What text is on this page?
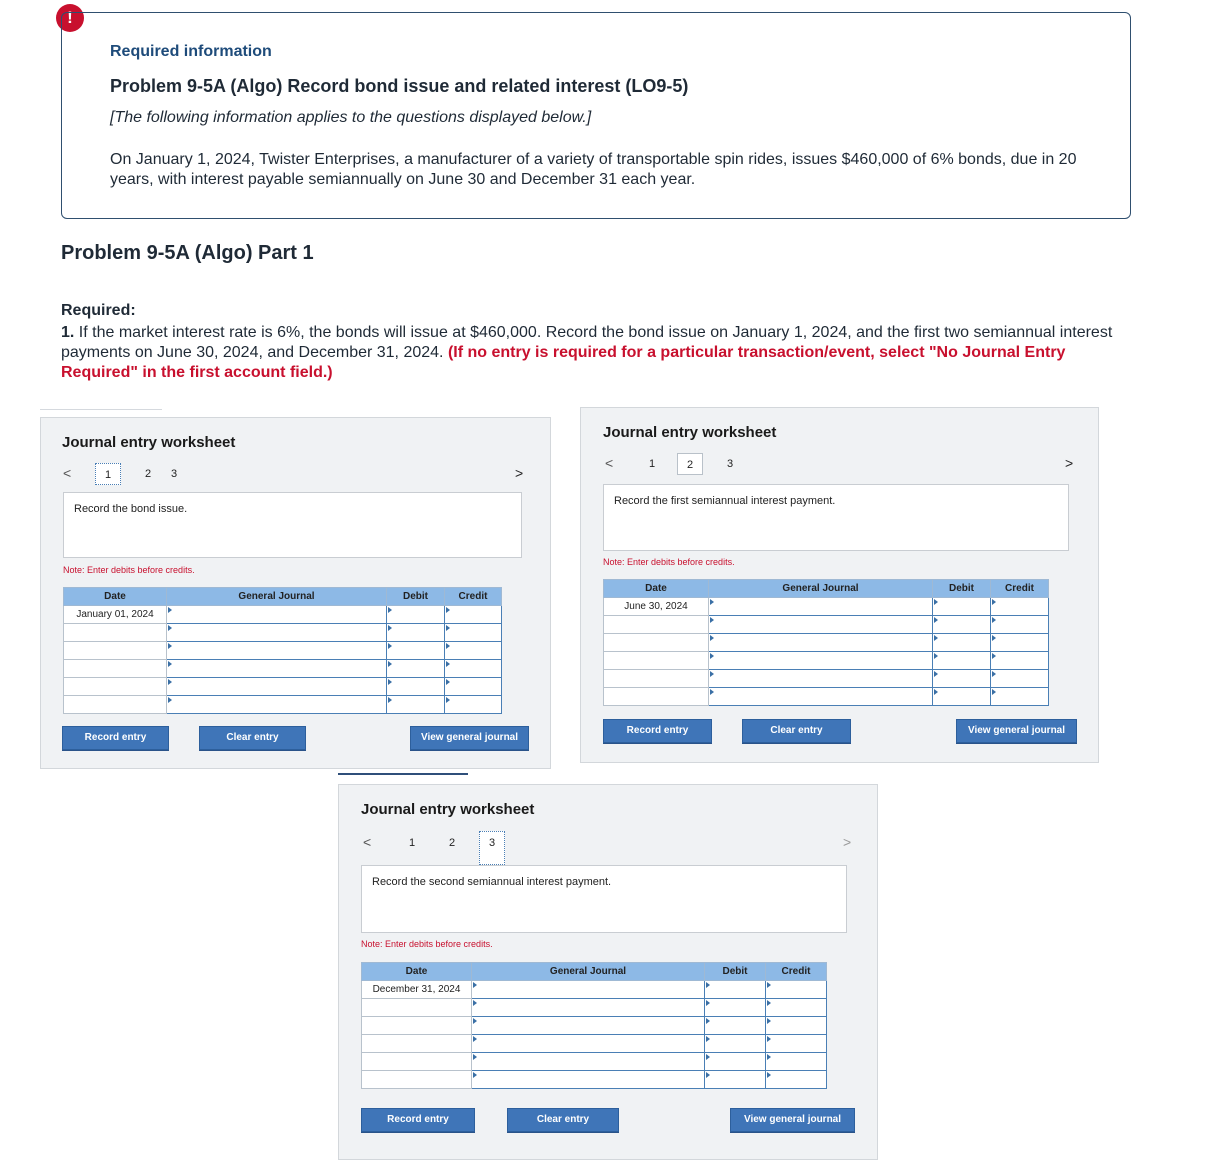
!
Required information
Problem 9-5A (Algo) Record bond issue and related interest (LO9-5)
[The following information applies to the questions displayed below.]
On January 1, 2024, Twister Enterprises, a manufacturer of a variety of transportable spin rides, issues $460,000 of 6% bonds, due in 20 years, with interest payable semiannually on June 30 and December 31 each year.
Problem 9-5A (Algo) Part 1
Required:
1. If the market interest rate is 6%, the bonds will issue at $460,000. Record the bond issue on January 1, 2024, and the first two semiannual interest payments on June 30, 2024, and December 31, 2024. (If no entry is required for a particular transaction/event, select "No Journal Entry Required" in the first account field.)
Journal entry worksheet
<	1	2	3	>
Record the bond issue.
Note: Enter debits before credits.
Date	General Journal	Debit	Credit
January 01, 2024			

Record entry	Clear entry	View general journal
Journal entry worksheet
<	1	2	3	>
Record the first semiannual interest payment.
Note: Enter debits before credits.
Date	General Journal	Debit	Credit
June 30, 2024			

Record entry	Clear entry	View general journal
Journal entry worksheet
<	1	2	3	>
Record the second semiannual interest payment.
Note: Enter debits before credits.
Date	General Journal	Debit	Credit
December 31, 2024			

Record entry	Clear entry	View general journal
